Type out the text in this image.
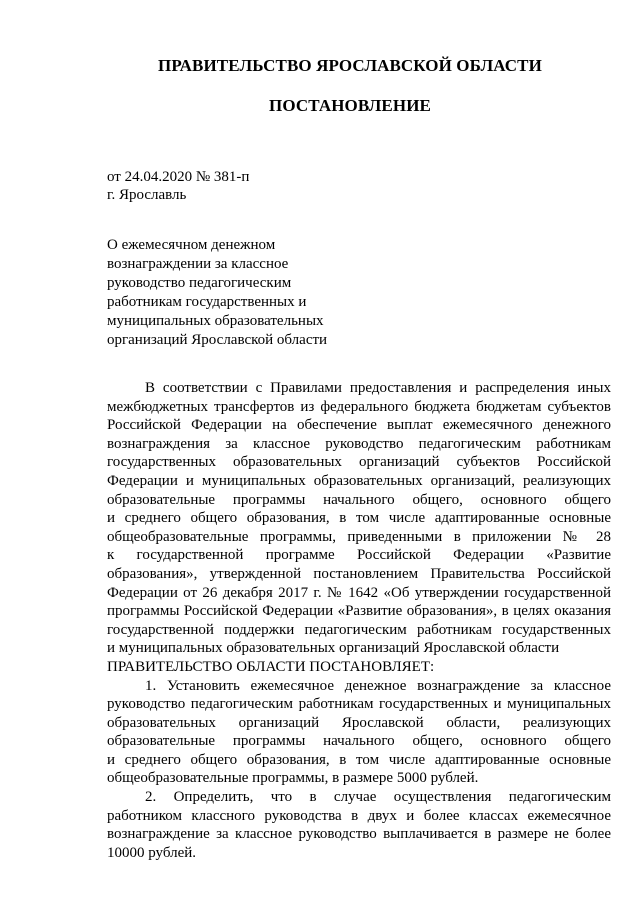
ПРАВИТЕЛЬСТВО ЯРОСЛАВСКОЙ ОБЛАСТИ
ПОСТАНОВЛЕНИЕ
от 24.04.2020 № 381-п
г. Ярославль
О ежемесячном денежном
вознаграждении за классное
руководство педагогическим
работникам государственных и
муниципальных образовательных
организаций Ярославской области
В соответствии с Правилами предоставления и распределения иных
межбюджетных трансфертов из федерального бюджета бюджетам субъектов
Российской Федерации на обеспечение выплат ежемесячного денежного
вознаграждения за классное руководство педагогическим работникам
государственных образовательных организаций субъектов Российской
Федерации и муниципальных образовательных организаций, реализующих
образовательные программы начального общего, основного общего
и среднего общего образования, в том числе адаптированные основные
общеобразовательные программы, приведенными в приложении № 28
к государственной программе Российской Федерации «Развитие
образования», утвержденной постановлением Правительства Российской
Федерации от 26 декабря 2017 г. № 1642 «Об утверждении государственной
программы Российской Федерации «Развитие образования», в целях оказания
государственной поддержки педагогическим работникам государственных
и муниципальных образовательных организаций Ярославской области
ПРАВИТЕЛЬСТВО ОБЛАСТИ ПОСТАНОВЛЯЕТ:
1. Установить ежемесячное денежное вознаграждение за классное
руководство педагогическим работникам государственных и муниципальных
образовательных организаций Ярославской области, реализующих
образовательные программы начального общего, основного общего
и среднего общего образования, в том числе адаптированные основные
общеобразовательные программы, в размере 5000 рублей.
2. Определить, что в случае осуществления педагогическим
работником классного руководства в двух и более классах ежемесячное
вознаграждение за классное руководство выплачивается в размере не более
10000 рублей.
